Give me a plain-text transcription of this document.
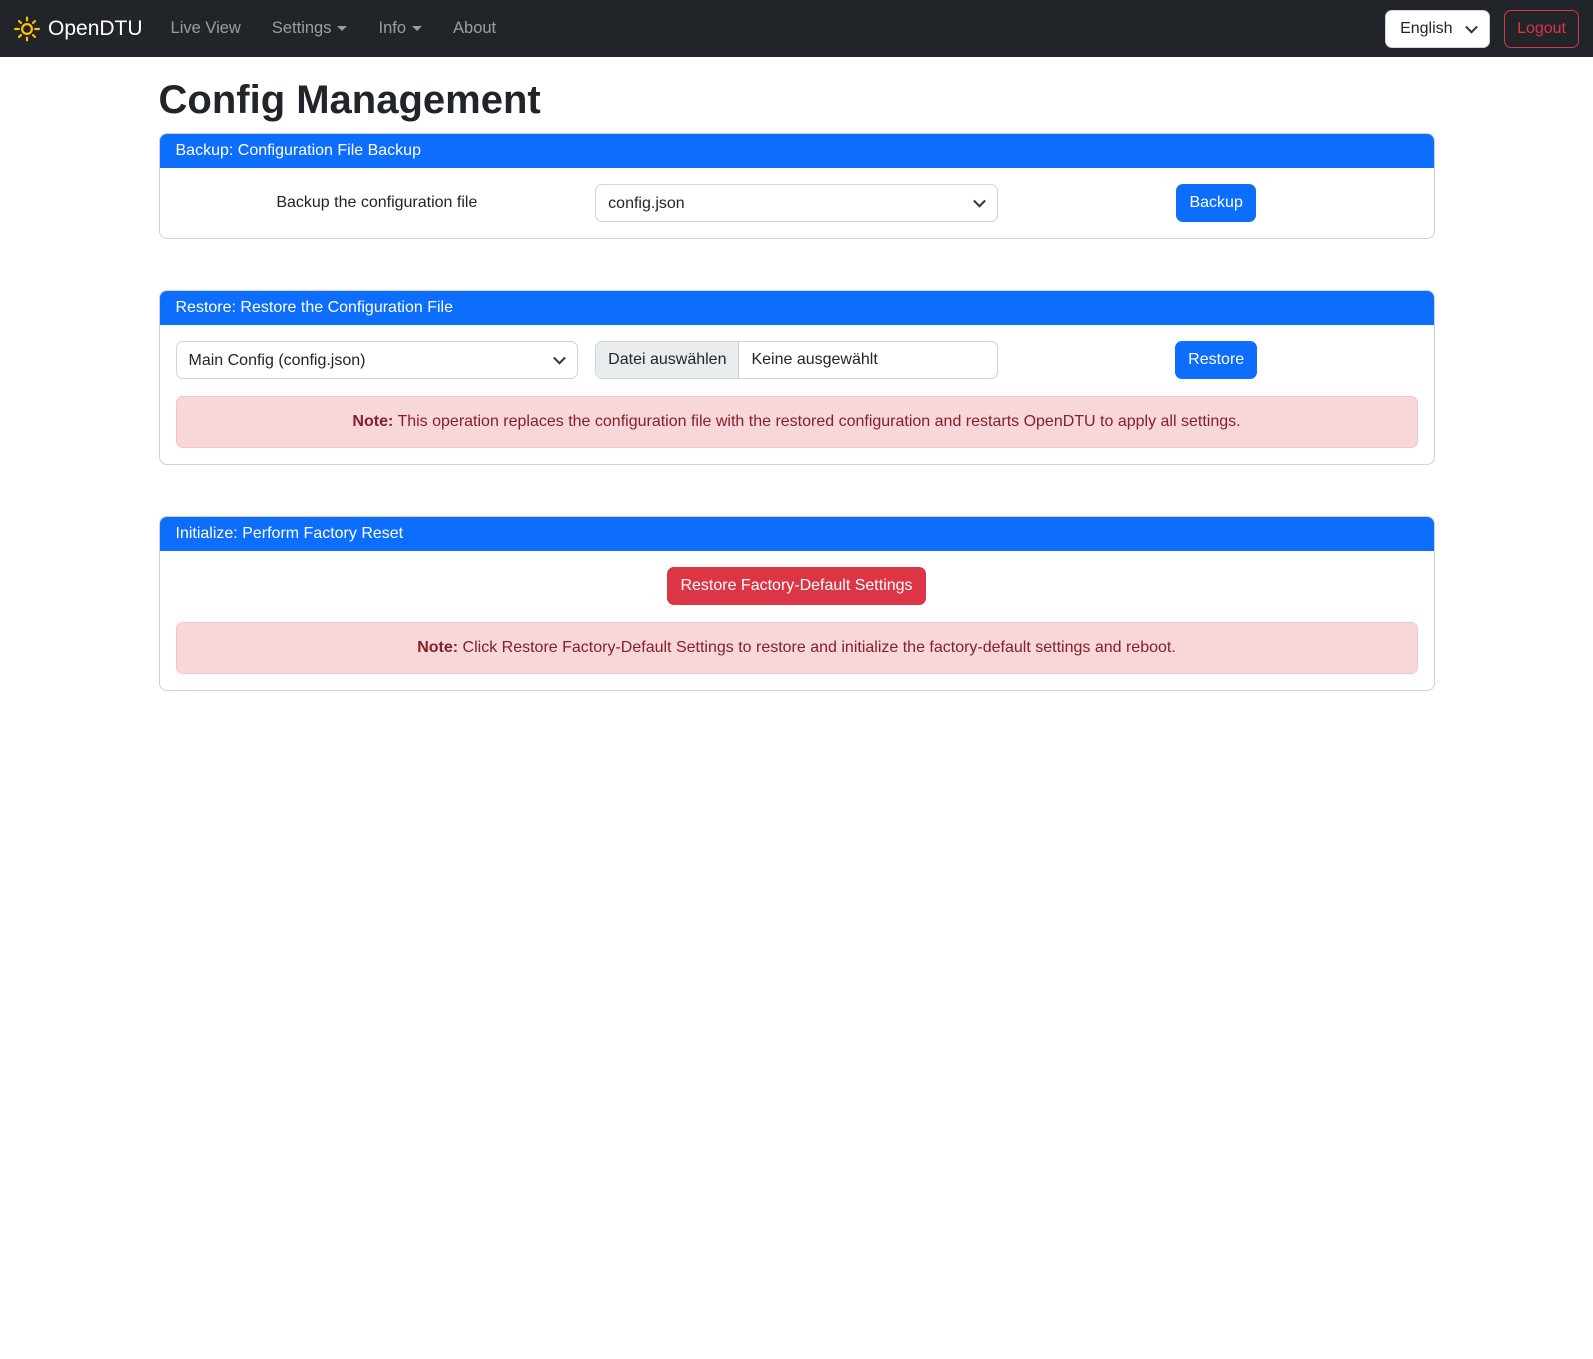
OpenDTU	Live View	Settings	Info	About
English	Logout
Config Management
Backup: Configuration File Backup
Backup the configuration file
config.json	Backup
Restore: Restore the Configuration File
Main Config (config.json)
Datei auswählen	Keine ausgewählt	Restore
Note: This operation replaces the configuration file with the restored configuration and restarts OpenDTU to apply all settings.
Initialize: Perform Factory Reset
Restore Factory-Default Settings
Note: Click Restore Factory-Default Settings to restore and initialize the factory-default settings and reboot.
